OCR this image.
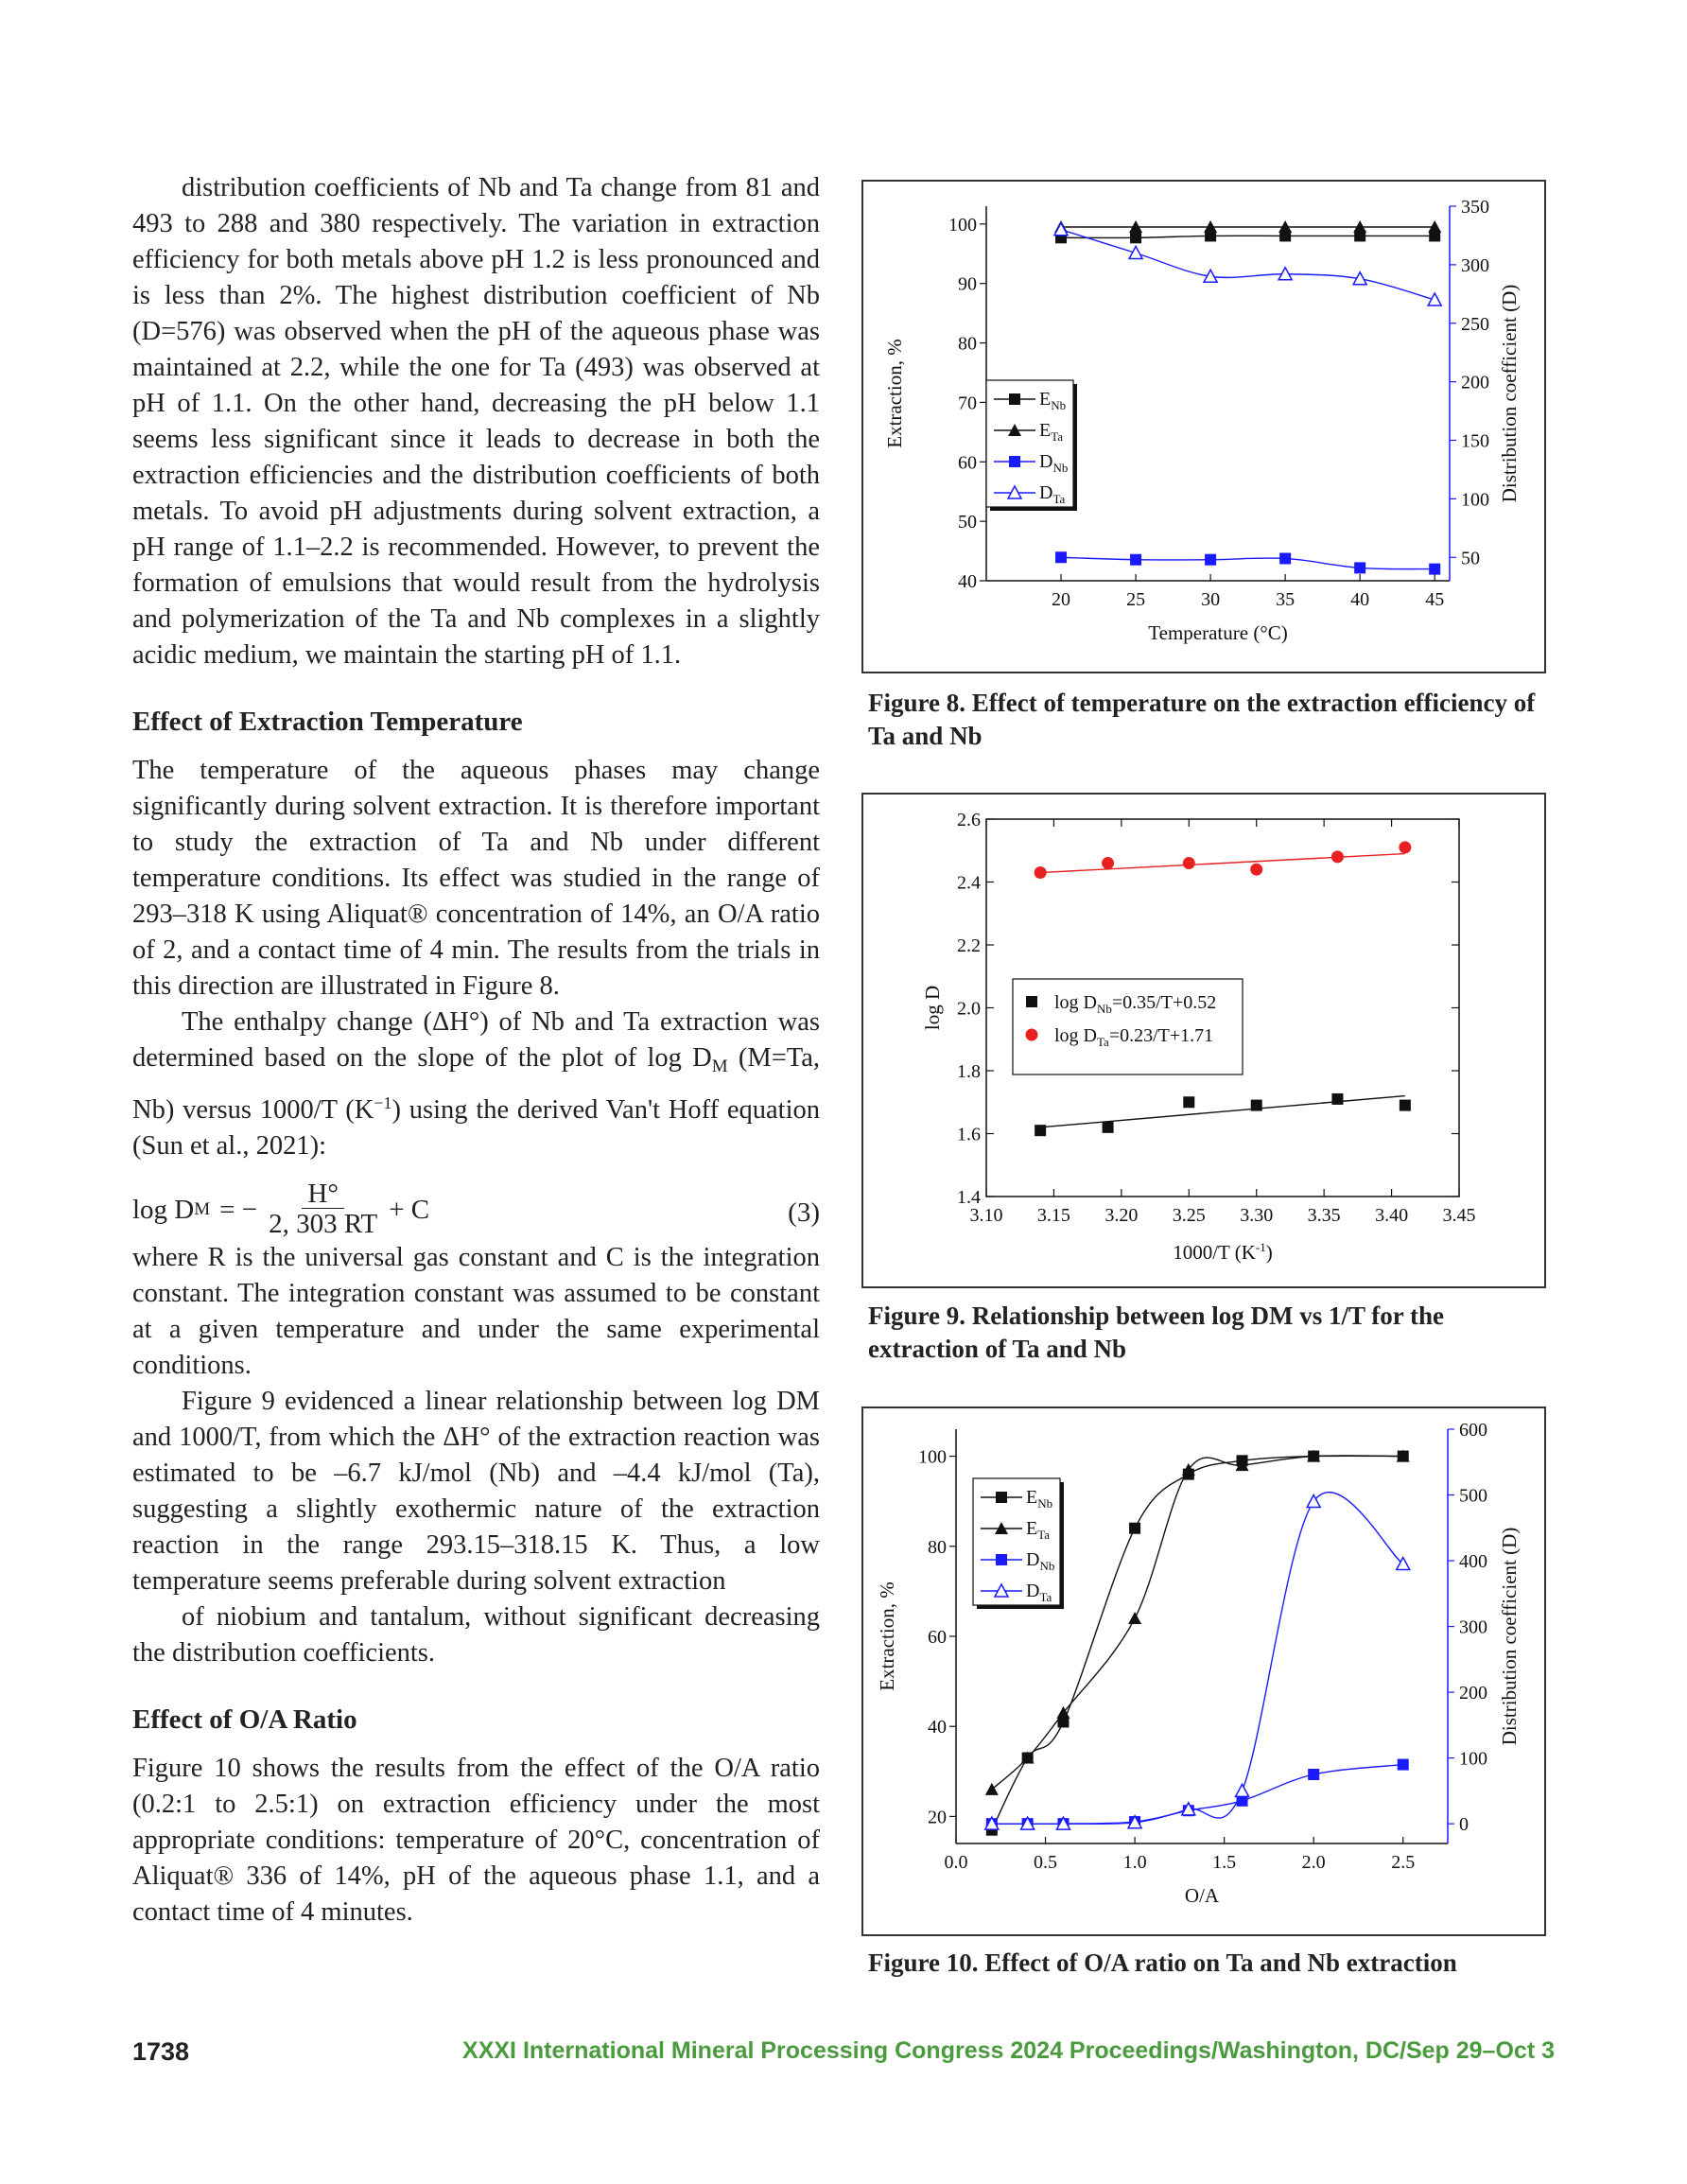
distribution coefficients of Nb and Ta change from 81 and 493 to 288 and 380 respectively. The variation in extraction efficiency for both metals above pH 1.2 is less pronounced and is less than 2%. The highest distribution coefficient of Nb (D=576) was observed when the pH of the aqueous phase was maintained at 2.2, while the one for Ta (493) was observed at pH of 1.1. On the other hand, decreasing the pH below 1.1 seems less significant since it leads to decrease in both the extraction efficiencies and the distribution coefficients of both metals. To avoid pH adjustments during solvent extraction, a pH range of 1.1–2.2 is recommended. However, to prevent the formation of emulsions that would result from the hydrolysis and polymerization of the Ta and Nb complexes in a slightly acidic medium, we maintain the starting pH of 1.1.

Effect of Extraction Temperature

The temperature of the aqueous phases may change significantly during solvent extraction. It is therefore important to study the extraction of Ta and Nb under different temperature conditions. Its effect was studied in the range of 293–318 K using Aliquat® concentration of 14%, an O/A ratio of 2, and a contact time of 4 min. The results from the trials in this direction are illustrated in Figure 8.

The enthalpy change (ΔH°) of Nb and Ta extraction was determined based on the slope of the plot of $\log D_M$ (M=Ta, Nb) versus 1000/T $(K^{-1})$ using the derived Van't Hoff equation (Sun et al., 2021):

log D M = − $\frac{H^\circ}{2, 303 RT} + C$	(3)

where R is the universal gas constant and C is the integration constant. The integration constant was assumed to be constant at a given temperature and under the same experimental conditions.

Figure 9 evidenced a linear relationship between log DM and 1000/T, from which the ΔH° of the extraction reaction was estimated to be –6.7 kJ/mol (Nb) and –4.4 kJ/mol (Ta), suggesting a slightly exothermic nature of the extraction reaction in the range 293.15–318.15 K. Thus, a low temperature seems preferable during solvent extraction

of niobium and tantalum, without significant decreasing the distribution coefficients.

Effect of O/A Ratio

Figure 10 shows the results from the effect of the O/A ratio (0.2:1 to 2.5:1) on extraction efficiency under the most appropriate conditions: temperature of 20°C, concentration of Aliquat® 336 of 14%, pH of the aqueous phase 1.1, and a contact time of 4 minutes.

20	25	30	35	40	45
40
50
60
70
80
90
100
50
100
150
200
250
300
350
Temperature (°C)
Extraction, %	Distribution coefficient (D)
$E_{Nb}$
$E_{Ta}$
$D_{Nb}$
$D_{Ta}$
Figure 8. Effect of temperature on the extraction efficiency of Ta and Nb
3.10 3.15 3.20 3.25 3.30 3.35 3.40 3.45
1.4
1.6
1.8
2.0
2.2
2.4
2.6
1000/T $(K^{-1})$
log D	$\log D_{Nb}=0.35/T+0.52$
$\log D_{Ta}=0.23/T+1.71$
Figure 9. Relationship between log DM vs 1/T for the extraction of Ta and Nb
0.0	0.5	1.0	1.5	2.0	2.5
20
40
60
80
100
0
100
200
300
400
500
600
O/A
Extraction, %	Distribution coefficient (D)
$E_{Nb}$
$E_{Ta}$
$D_{Nb}$
$D_{Ta}$
Figure 10. Effect of O/A ratio on Ta and Nb extraction
1738	XXXI International Mineral Processing Congress 2024 Proceedings/Washington, DC/Sep 29–Oct 3
